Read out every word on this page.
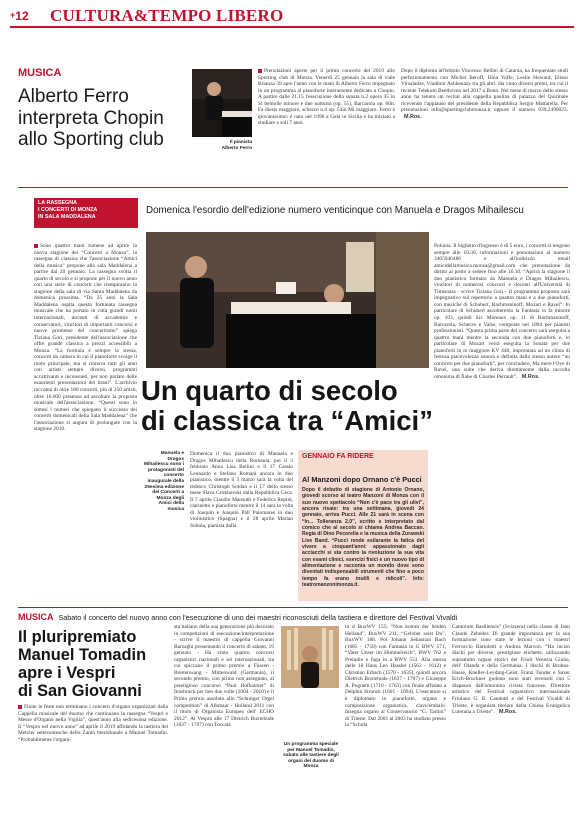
+12 CULTURA&TEMPO LIBERO
MUSICA
Alberto Ferro
interpreta Chopin
allo Sporting club	Il pianista
Alberto Ferro
Prenotazioni aperte per il primo concerto del 2019 allo Sporting club di Monza. Venerdì 25 gennaio la sala di viale Brianza 39 apre l'anno con le mani di Alberto Ferro impegnato in un programma al pianoforte interamente dedicato a Chopin. A partire dalle 21.15 l'esecuzione della sonata n.2 opera 35 in Si bemolle minore e due notturni (op. 55), Barcarola op. 60n. Fa diesis maggiore, scherzo n.4 op. 54in Mi maggiore. Ferro è giovanissimo: è nato nel 1996 a Gela in Sicilia e ha iniziato a studiare a soli 7 anni.
Dopo il diploma all'istituto Vincenzo Bellini di Catania, ha frequentato studi perfezionamento con Michel Béroff, Dina Yoffe, Leslie Howard, Elisso Virsaladze, Vladimir Ashkenazy tra gli altri. Ha vinto diversi premi, tra cui il recente Telekom Beethoven nel 2017 a Bonn. Nel mese di marzo dello stesso anno ha tenuto un recital alla cappella paolina di palazzo del Quirinale ricevendo l'applauso del presidente della Repubblica Sergio Mattarella. Per prenotazioni info@sportingclubmonza.it oppure il numero 039.2496023. M.Ros.
LA RASSEGNA
I CONCERTI DI MONZA
IN SALA MADDALENA
Domenica l'esordio dell'edizione numero venticinque con Manuela e Dragos Mihailescu
Sono quattro mani rumene ad aprire la nuova stagione dei “Concerti a Monza”, la rassegna di classica che l'associazione “Amici della musica” propone alla sala Maddalena a partire dal 20 gennaio. La rassegna svolta il quarto di secolo e si propone per il nuovo anno con una serie di concerti che riempiranno la stagione della sala di via Santa Maddalena da domenica prossima. “Da 25 anni la Sala Maddalena ospita questa fortunata rassegna musicale che ha portato in città grandi nomi internazionali, docenti di accademie e conservatori, vincitori di importanti concorsi e nuove promesse del concertismo” spiega Tiziana Gori, presidente dell'associazione che offre grande classica a prezzi accessibili a Monza. “La formula è sempre la stessa, concerti da camera in cui il pianoforte svolge il ruolo principale, ma si rinnova tutti gli anni con artisti sempre diversi, programmi accattivanti e inconsueti, per non parlare delle esaurienti presentazioni dei brani”. L'archivio racconta di oltre 180 concerti, più di 250 artisti, oltre 16.000 presenze ad ascoltare la proposta musicale dell'associazione: “Questi sono in sintesi i numeri che spiegano il successo dei concerti domenicali della Sala Maddalena” che l'associazione si augura di prolungare con la stagione 2019.
Un quarto di secolo
di classica tra “Amici”
Manuela e Dragos Mihailescu sono i protagonisti del concerto inaugurale della 25esima edizione dei Concerti a Monza degli Amici della musica
Domenica il duo pianistico di Manuela e Dragos Mihailescu della Romania, poi il 3 febbraio Anna Lisa Bellini e il 17 Cassio Leonardo e Stefano Romani ancora in duo pianistico, mentre il 3 marzo sarà la volta del tedesco Christoph Soldan e il 17 dello stesso mese Slava Grokhovski dalla Repubblica Ceca. Il 7 aprile Claudio Mansutti e Federica Repini, clarinetto e pianoforte mentre il 14 sarà la volta di Joaquín e Joaquín Páll Palomares in duo violinistico (Spagna) e il 28 aprile Marian Sobula, pianista dalla
Polonia. Il biglietto d'ingresso è di 5 euro, i concerti si tengono sempre alle 16.30, informazioni e prenotazioni al numero 3405946486 e all'indirizzo email amicidellamusica.monza@gmail.com che prenotazione da diritto al posto a sedere fino alle 16.10. “Aprirà la stagione il duo pianistico formato da Manuela e Dragos Mihailescu, vincitori di numerosi concorsi e docenti all'Università di Timisoara - scrive Tiziana Gori - Il programma proposto sarà impegnativo sul repertorio a quattro mani e a due pianoforti, con musiche di Schubert, Rachmaninoff, Mozart e Ravel”. In particolare di Schubert ascolteremo la Fantasia in fa minore op. 103, quindi Six Moreaux op. 11 di Rachmaninoff, Barcarola, Scherzo e Valse, composte nel 1894 per pianisti professionisti. “Questa prima parte del concerto sarà eseguita a quattro mani mentre la seconda con due pianoforti e, in particolare di Mozart verrà eseguita la Sonata per due pianoforti in re maggiore KV 448, improntata ad un clima di festosa piacevolezza sonora e definita dallo stesso autore “un concerto per due pianoforti”, per concludere, Ma mere l'Oye di Ravel, una suite che deriva direttamente dalla raccolta omonima di fiabe di Charles Perrault”. M.Ros.
GENNAIO FA RIDERE
Al Manzoni dopo Ornano c'è Pucci
Dopo il debutto di stagione di Antonio Ornano, giovedì scorso al teatro Manzoni di Monza con il suo nuovo spettacolo “Non c'è pace tra gli ulivi”, ancora risate: tra una settimana, giovedì 24 gennaio, arriva Pucci. Alle 21 sarà in scena con “In... Tolleranza 2.0”, scritto e interpretato dal comico che al secolo si chiama Andrea Baccan. Regia di Dino Pecorella e la musica della Zurawski Live Band. “Pucci rende esilarante la fatica del vivere a cinquant'anni: appassionato dagli acciacchi si sta contro la rivoluzione la sua vita con esami clinici, esercizi fisici e un nuovo tipo di alimentazione e racconta un mondo dove sono diventati indispensabili strumenti che fino a poco tempo fa erano inutili e ridicoli”. Info: teatromanzonimonza.it.
MUSICA Sabato il concerto del nuovo anno con l'esecuzione di uno dei maestri riconosciuti della tastiera e direttore del Festival Vivaldi
Il pluripremiato
Manuel Tomadin
apre i Vespri
di San Giovanni
Finite le feste non terminano i concerti d'organo organizzati dalla Cappella musicale del duomo che continuano la rassegna “Vespri e Messe d'Organo nella Vigilia”, quest'anno alla sedicesima edizione. Il “Vespro nel nuovo anno” ad aprile il 2019 affidando la tastiera del Metzler settecentesche dello Zanin meridionale a Manuel Tomadin. “Probabilmente l'organi-
sta italiano della sua generazione più decorato in competizioni di esecuzione/interpretazione - scrive il maestro di cappella Giovanni Barzaghi presentando il concerto di sabato, 19 gennaio - Ha vinto quattro concorsi organistici nazionali e sei internazionali, tra cui spiccano il primo premio a Füssen - Breitenwang - Mittenwald (Germania), il secondo premio, con primo non assegnato, al prestigioso concorso “Paul Hofhaimer” di Innsbruck per ben due volte (2004 - 2010) e il Primo premio assoluto allo “Schnitger Orgel competition” di Alkmaar - Holland 2011 con il titolo di Organista Europeo dell' ECHO 2012”. Al Vespro alle 17 Dietrich Buxtehude (1637 - 1707) con Toccata
Un programma speciale per Manuel Tomadin, sabato alle tastiere degli organi del duomo di Monza
in d BuxWV 155; “Nun komm der heiden Heiland”, BuxWV 211; “Gelobet seist Du”, BuxWV 188. Poi Johann Sebastian Bach (1685 - 1750) con Fantasia in G BWV 571, “Vater Unser im Himmelreich”, BWV 762 e Preludio e fuga in a BWV 551. Alla messa delle 18 Hans Leo Hassler (1562 - 1612) e Christian Erbach (1570 - 1635), quindi ancora Dietrich Buxtehude (1637 - 1707) e Giuseppe A. Pugnetti (1710 - 1763) con finale affidato a Delphin Strunck (1601 - 1694). L'esecutore si è diplomato in pianoforte, organo e composizione organistica, clavicembalo. Insegna organo al Conservatorio “G. Tartini” di Trieste. Dal 2001 al 2003 ha studiato presso la “Schola
Cantorum Basiliensis” (Svizzera) nella classe di Jean Claude Zehnder. Di grande importanza per la sua formazione sono state le lezioni con i maestri Ferruccio Bartoletti e Andrea Marcon. “Ha inciso dischi per diverse, prestigiose etichette, utilizzando soprattutto organi storici del Friuli Venezia Giulia, dell' Olanda e della Germania. I dischi di Bruhns-Hasse, Kneller-Leyding-Geist, Franz Tunder e Saxer Erich-Bruckner godono sono stati recensiti con 5 diapason dall'omonima rivista francese. Direttore artistico del Festival organistico internazionale Friulano G. B. Candotti e del Festival Vivaldi di Trieste, è organista titolare della Chiesa Evangelica Luterana a Trieste”. M.Ros.
